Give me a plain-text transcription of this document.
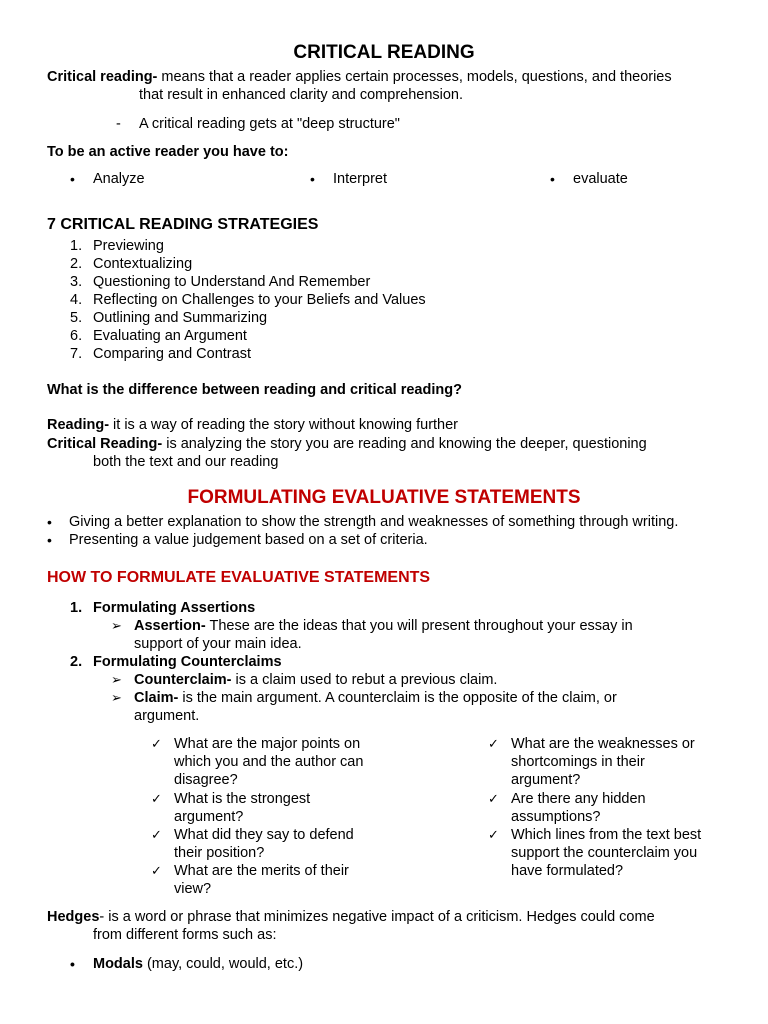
CRITICAL READING
Critical reading- means that a reader applies certain processes, models, questions, and theories
that result in enhanced clarity and comprehension.
- A critical reading gets at "deep structure"
To be an active reader you have to:
• Analyze	• Interpret	• evaluate
7 CRITICAL READING STRATEGIES
1. Previewing
2. Contextualizing
3. Questioning to Understand And Remember
4. Reflecting on Challenges to your Beliefs and Values
5. Outlining and Summarizing
6. Evaluating an Argument
7. Comparing and Contrast
What is the difference between reading and critical reading?
Reading- it is a way of reading the story without knowing further
Critical Reading- is analyzing the story you are reading and knowing the deeper, questioning
both the text and our reading
FORMULATING EVALUATIVE STATEMENTS
• Giving a better explanation to show the strength and weaknesses of something through writing.
• Presenting a value judgement based on a set of criteria.
HOW TO FORMULATE EVALUATIVE STATEMENTS
1. Formulating Assertions
➢ Assertion- These are the ideas that you will present throughout your essay in
support of your main idea.
2. Formulating Counterclaims
➢ Counterclaim- is a claim used to rebut a previous claim.
➢ Claim- is the main argument. A counterclaim is the opposite of the claim, or
argument.
✓ What are the major points on
which you and the author can
disagree?
✓ What is the strongest
argument?
✓ What did they say to defend
their position?
✓ What are the merits of their
view?
✓ What are the weaknesses or
shortcomings in their
argument?
✓ Are there any hidden
assumptions?
✓ Which lines from the text best
support the counterclaim you
have formulated?
Hedges- is a word or phrase that minimizes negative impact of a criticism. Hedges could come
from different forms such as:
• Modals (may, could, would, etc.)
